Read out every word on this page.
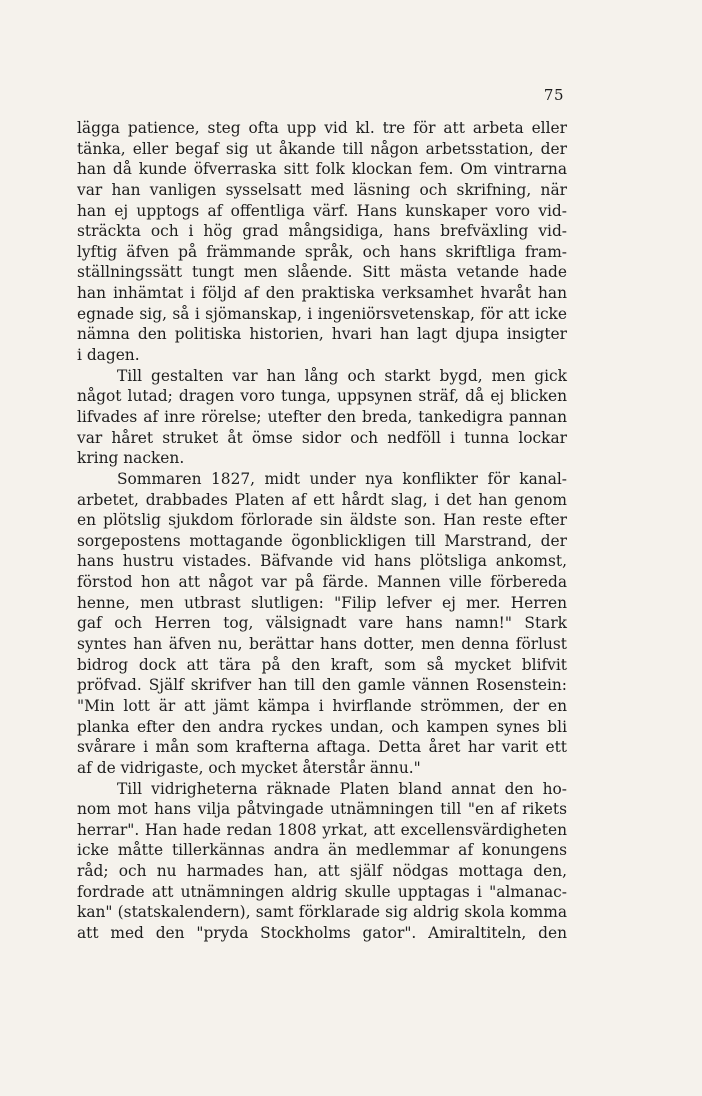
75
lägga patience, steg ofta upp vid kl. tre för att arbeta eller
tänka, eller begaf sig ut åkande till någon arbetsstation, der
han då kunde öfverraska sitt folk klockan fem. Om vintrarna
var han vanligen sysselsatt med läsning och skrifning, när
han ej upptogs af offentliga värf. Hans kunskaper voro vid-
sträckta och i hög grad mångsidiga, hans brefväxling vid-
lyftig äfven på främmande språk, och hans skriftliga fram-
ställningssätt tungt men slående. Sitt mästa vetande hade
han inhämtat i följd af den praktiska verksamhet hvaråt han
egnade sig, så i sjömanskap, i ingeniörsvetenskap, för att icke
nämna den politiska historien, hvari han lagt djupa insigter
i dagen.
Till gestalten var han lång och starkt bygd, men gick
något lutad; dragen voro tunga, uppsynen sträf, då ej blicken
lifvades af inre rörelse; utefter den breda, tankedigra pannan
var håret struket åt ömse sidor och nedföll i tunna lockar
kring nacken.
Sommaren 1827, midt under nya konflikter för kanal-
arbetet, drabbades Platen af ett hårdt slag, i det han genom
en plötslig sjukdom förlorade sin äldste son. Han reste efter
sorgepostens mottagande ögonblickligen till Marstrand, der
hans hustru vistades. Bäfvande vid hans plötsliga ankomst,
förstod hon att något var på färde. Mannen ville förbereda
henne, men utbrast slutligen: "Filip lefver ej mer. Herren
gaf och Herren tog, välsignadt vare hans namn!" Stark
syntes han äfven nu, berättar hans dotter, men denna förlust
bidrog dock att tära på den kraft, som så mycket blifvit
pröfvad. Själf skrifver han till den gamle vännen Rosenstein:
"Min lott är att jämt kämpa i hvirflande strömmen, der en
planka efter den andra ryckes undan, och kampen synes bli
svårare i mån som krafterna aftaga. Detta året har varit ett
af de vidrigaste, och mycket återstår ännu."
Till vidrigheterna räknade Platen bland annat den ho-
nom mot hans vilja påtvingade utnämningen till "en af rikets
herrar". Han hade redan 1808 yrkat, att excellensvärdigheten
icke måtte tillerkännas andra än medlemmar af konungens
råd; och nu harmades han, att själf nödgas mottaga den,
fordrade att utnämningen aldrig skulle upptagas i "almanac-
kan" (statskalendern), samt förklarade sig aldrig skola komma
att med den "pryda Stockholms gator". Amiraltiteln, den
